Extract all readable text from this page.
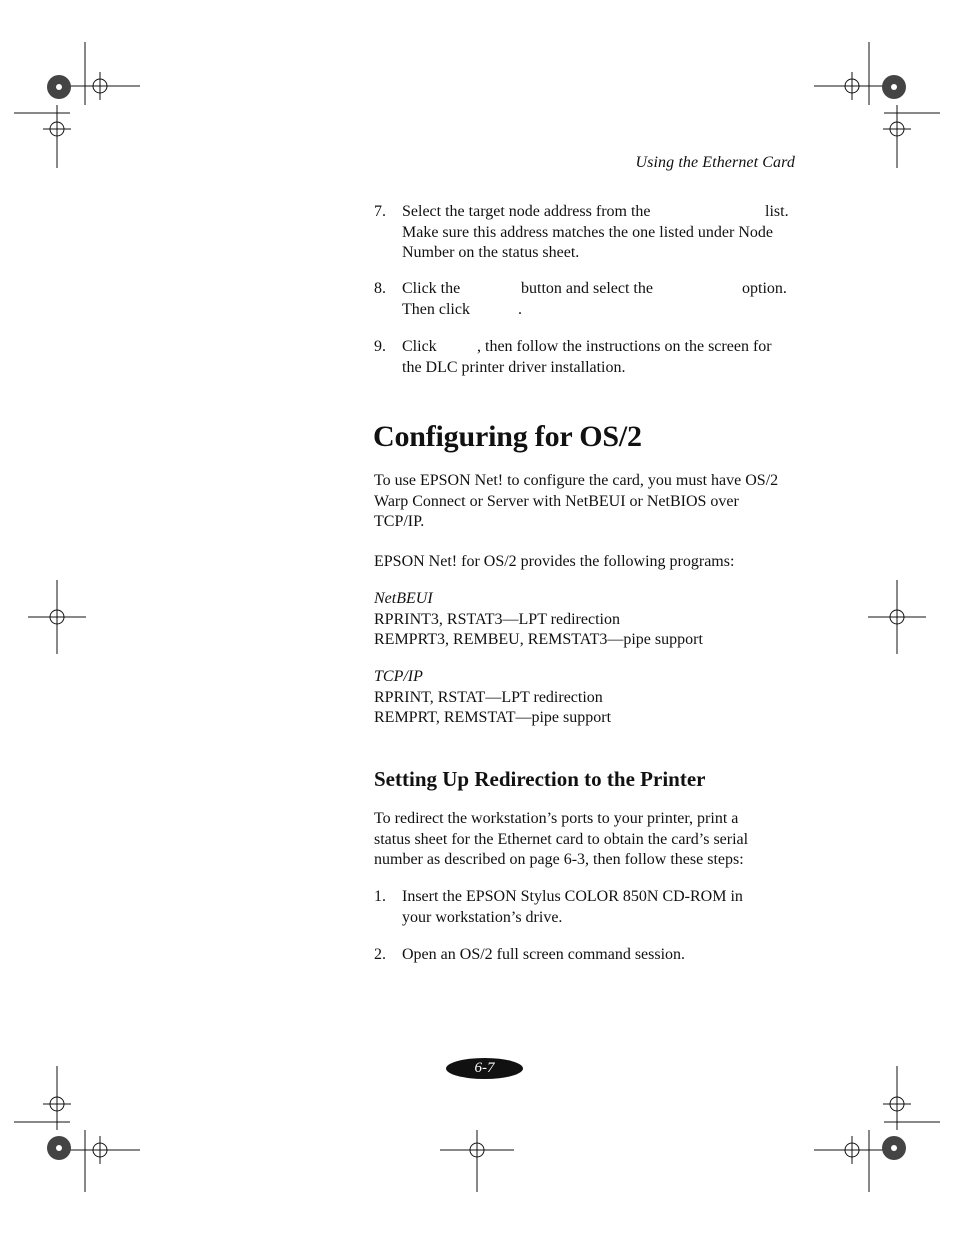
Using the Ethernet Card
7. Select the target node address from the	list.
Make sure this address matches the one listed under Node
Number on the status sheet.
8. Click the	button and select the	option.
Then click	.
9. Click	, then follow the instructions on the screen for
the DLC printer driver installation.
Configuring for OS/2
To use EPSON Net! to configure the card, you must have OS/2
Warp Connect or Server with NetBEUI or NetBIOS over
TCP/IP.
EPSON Net! for OS/2 provides the following programs:
NetBEUI
RPRINT3, RSTAT3—LPT redirection
REMPRT3, REMBEU, REMSTAT3—pipe support
TCP/IP
RPRINT, RSTAT—LPT redirection
REMPRT, REMSTAT—pipe support
Setting Up Redirection to the Printer
To redirect the workstation’s ports to your printer, print a
status sheet for the Ethernet card to obtain the card’s serial
number as described on page 6-3, then follow these steps:
1. Insert the EPSON Stylus COLOR 850N CD-ROM in
your workstation’s drive.
2. Open an OS/2 full screen command session.
6-7
